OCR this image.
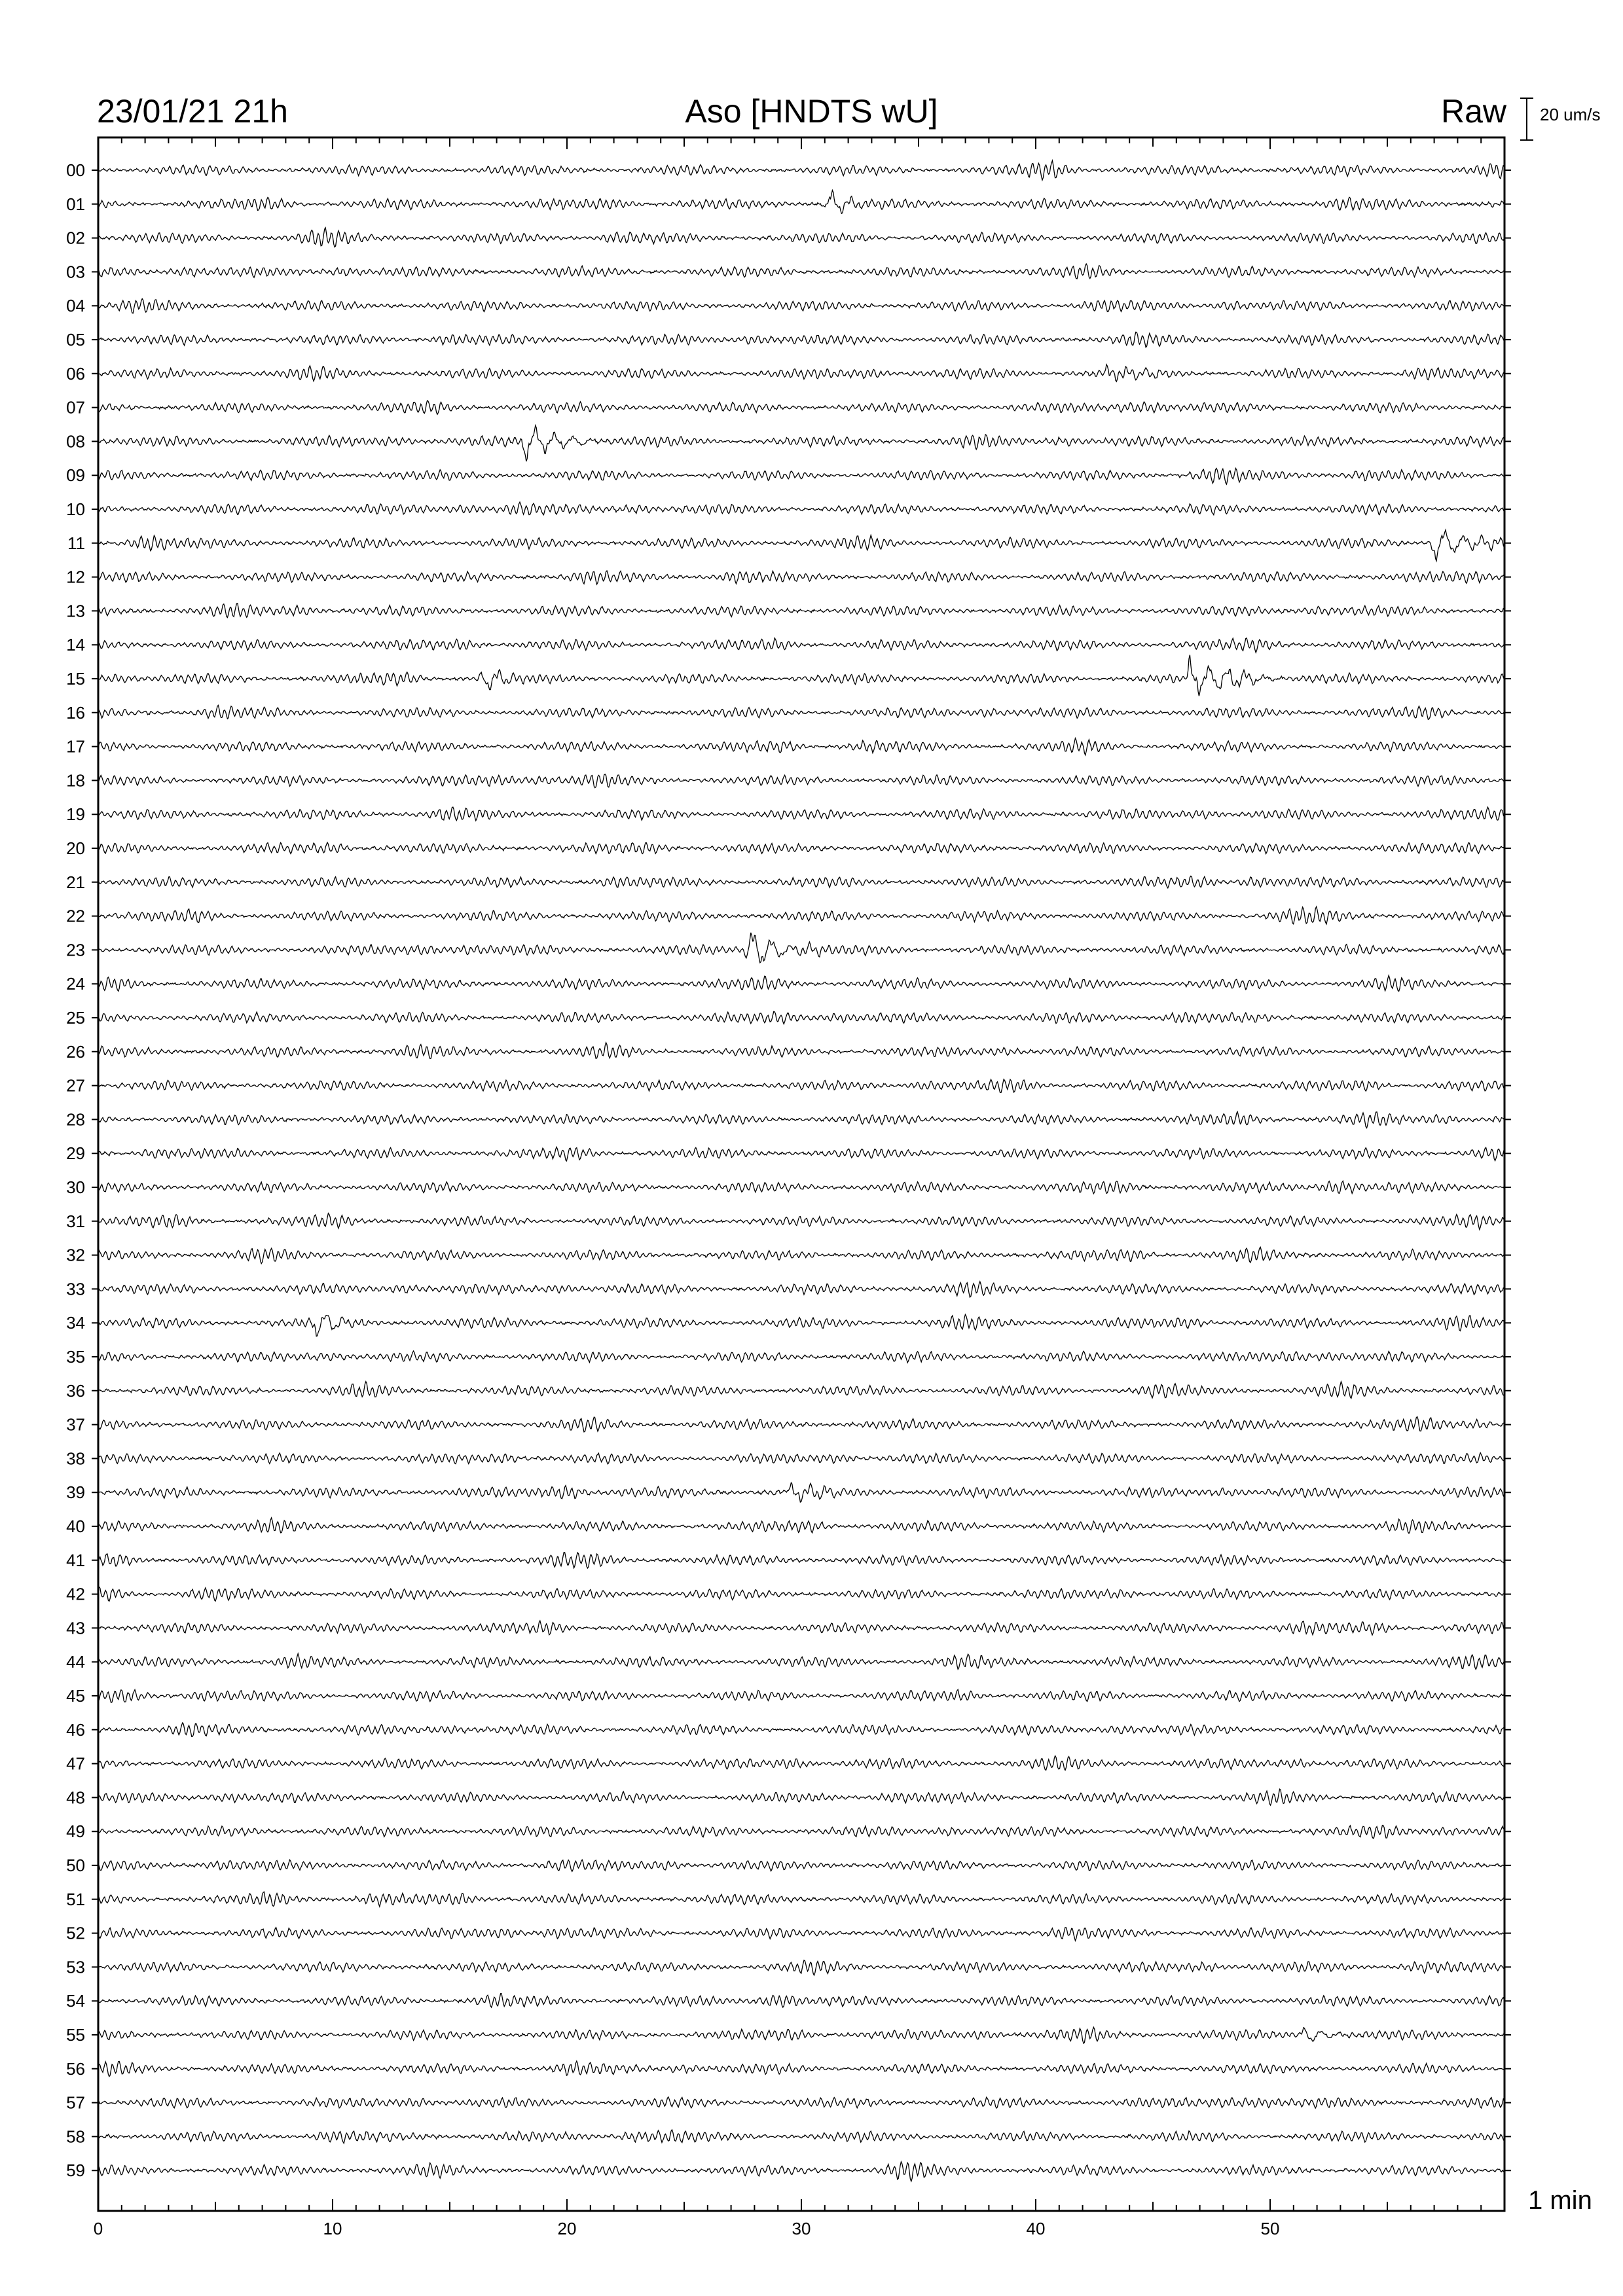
23/01/21 21h	Aso [HNDTS wU]	Raw 20 um/s
1 min
00
01
02
03
04
05
06
07
08
09
10
11
12
13
14
15
16
17
18
19
20
21
22
23
24
25
26
27
28
29
30
31
32
33
34
35
36
37
38
39
40
41
42
43
44
45
46
47
48
49
50
51
52
53
54
55
56
57
58
59
0	10	20	30	40	50
